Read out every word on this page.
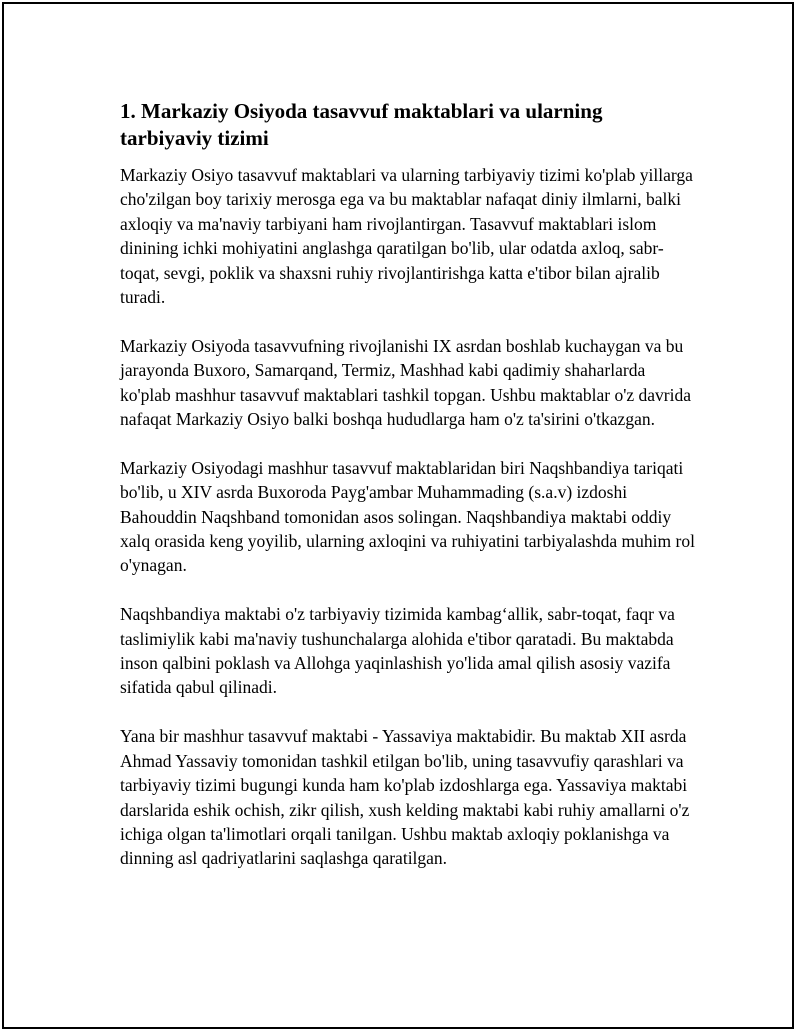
1. Markaziy Osiyoda tasavvuf maktablari va ularning tarbiyaviy tizimi

Markaziy Osiyo tasavvuf maktablari va ularning tarbiyaviy tizimi ko'plab yillarga cho'zilgan boy tarixiy merosga ega va bu maktablar nafaqat diniy ilmlarni, balki axloqiy va ma'naviy tarbiyani ham rivojlantirgan. Tasavvuf maktablari islom dinining ichki mohiyatini anglashga qaratilgan bo'lib, ular odatda axloq, sabr-toqat, sevgi, poklik va shaxsni ruhiy rivojlantirishga katta e'tibor bilan ajralib turadi.

Markaziy Osiyoda tasavvufning rivojlanishi IX asrdan boshlab kuchaygan va bu jarayonda Buxoro, Samarqand, Termiz, Mashhad kabi qadimiy shaharlarda ko'plab mashhur tasavvuf maktablari tashkil topgan. Ushbu maktablar o'z davrida nafaqat Markaziy Osiyo balki boshqa hududlarga ham o'z ta'sirini o'tkazgan.

Markaziy Osiyodagi mashhur tasavvuf maktablaridan biri Naqshbandiya tariqati bo'lib, u XIV asrda Buxoroda Payg'ambar Muhammading (s.a.v) izdoshi Bahouddin Naqshband tomonidan asos solingan. Naqshbandiya maktabi oddiy xalq orasida keng yoyilib, ularning axloqini va ruhiyatini tarbiyalashda muhim rol o'ynagan.

Naqshbandiya maktabi o'z tarbiyaviy tizimida kambag‘allik, sabr-toqat, faqr va taslimiylik kabi ma'naviy tushunchalarga alohida e'tibor qaratadi. Bu maktabda inson qalbini poklash va Allohga yaqinlashish yo'lida amal qilish asosiy vazifa sifatida qabul qilinadi.

Yana bir mashhur tasavvuf maktabi - Yassaviya maktabidir. Bu maktab XII asrda Ahmad Yassaviy tomonidan tashkil etilgan bo'lib, uning tasavvufiy qarashlari va tarbiyaviy tizimi bugungi kunda ham ko'plab izdoshlarga ega. Yassaviya maktabi darslarida eshik ochish, zikr qilish, xush kelding maktabi kabi ruhiy amallarni o'z ichiga olgan ta'limotlari orqali tanilgan. Ushbu maktab axloqiy poklanishga va dinning asl qadriyatlarini saqlashga qaratilgan.
